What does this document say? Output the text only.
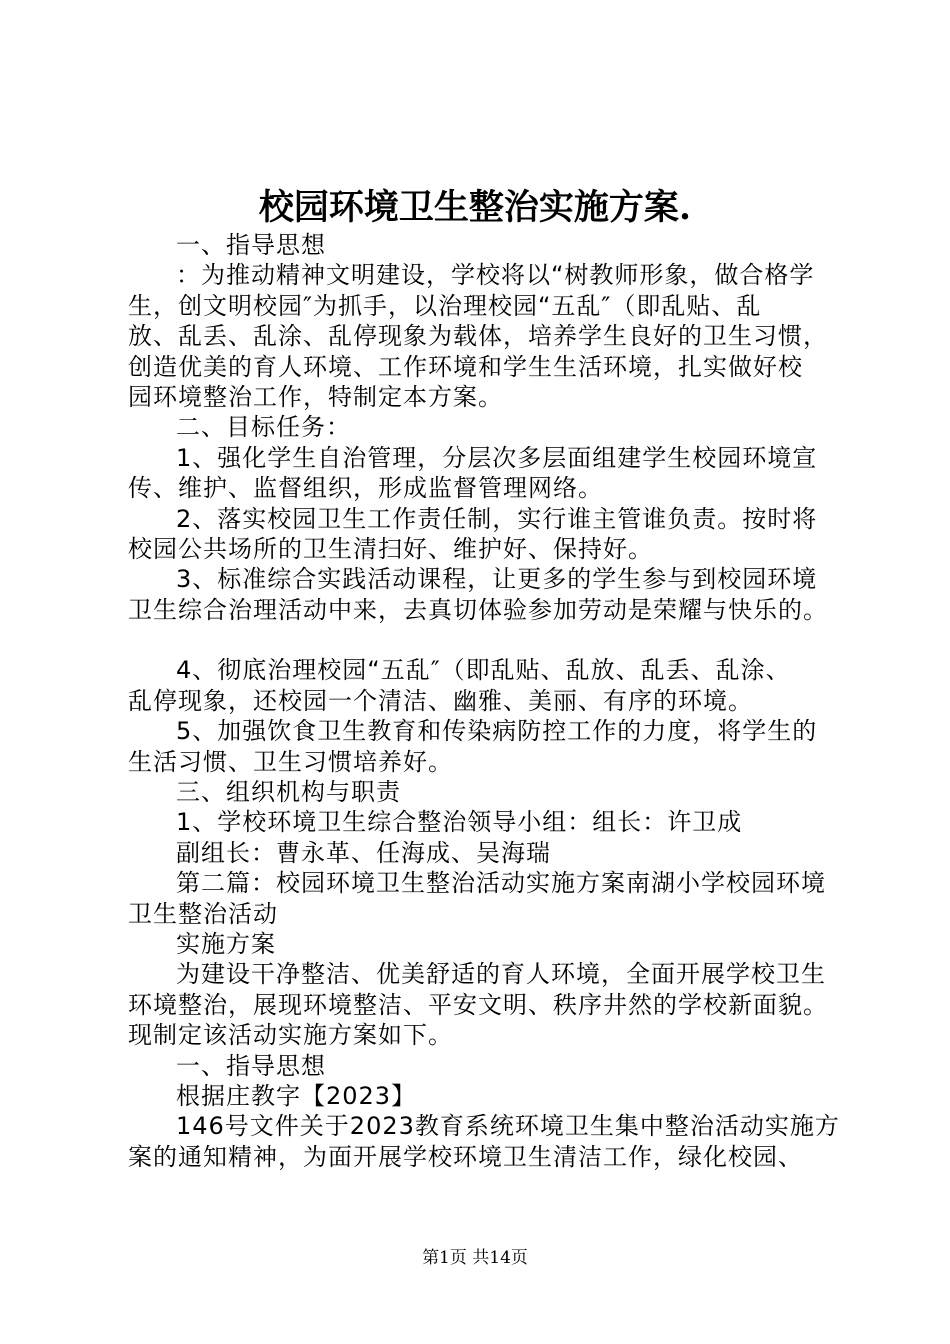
校园环境卫生整治实施方案.
一、指导思想
：为推动精神文明建设，学校将以“树教师形象，做合格学
生，创文明校园″为抓手，以治理校园“五乱″（即乱贴、乱
放、乱丢、乱涂、乱停现象为载体，培养学生良好的卫生习惯，
创造优美的育人环境、工作环境和学生生活环境，扎实做好校
园环境整治工作，特制定本方案。
二、目标任务：
1、强化学生自治管理，分层次多层面组建学生校园环境宣
传、维护、监督组织，形成监督管理网络。
2、落实校园卫生工作责任制，实行谁主管谁负责。按时将
校园公共场所的卫生清扫好、维护好、保持好。
3、标准综合实践活动课程，让更多的学生参与到校园环境
卫生综合治理活动中来，去真切体验参加劳动是荣耀与快乐的。
4、彻底治理校园“五乱″（即乱贴、乱放、乱丢、乱涂、
乱停现象，还校园一个清洁、幽雅、美丽、有序的环境。
5、加强饮食卫生教育和传染病防控工作的力度，将学生的
生活习惯、卫生习惯培养好。
三、组织机构与职责
1、学校环境卫生综合整治领导小组：组长：许卫成
副组长：曹永革、任海成、吴海瑞
第二篇：校园环境卫生整治活动实施方案南湖小学校园环境
卫生整治活动
实施方案
为建设干净整洁、优美舒适的育人环境，全面开展学校卫生
环境整治，展现环境整洁、平安文明、秩序井然的学校新面貌。
现制定该活动实施方案如下。
一、指导思想
根据庄教字【2023】
146号文件关于2023教育系统环境卫生集中整治活动实施方
案的通知精神，为面开展学校环境卫生清洁工作，绿化校园、
第1页 共14页
